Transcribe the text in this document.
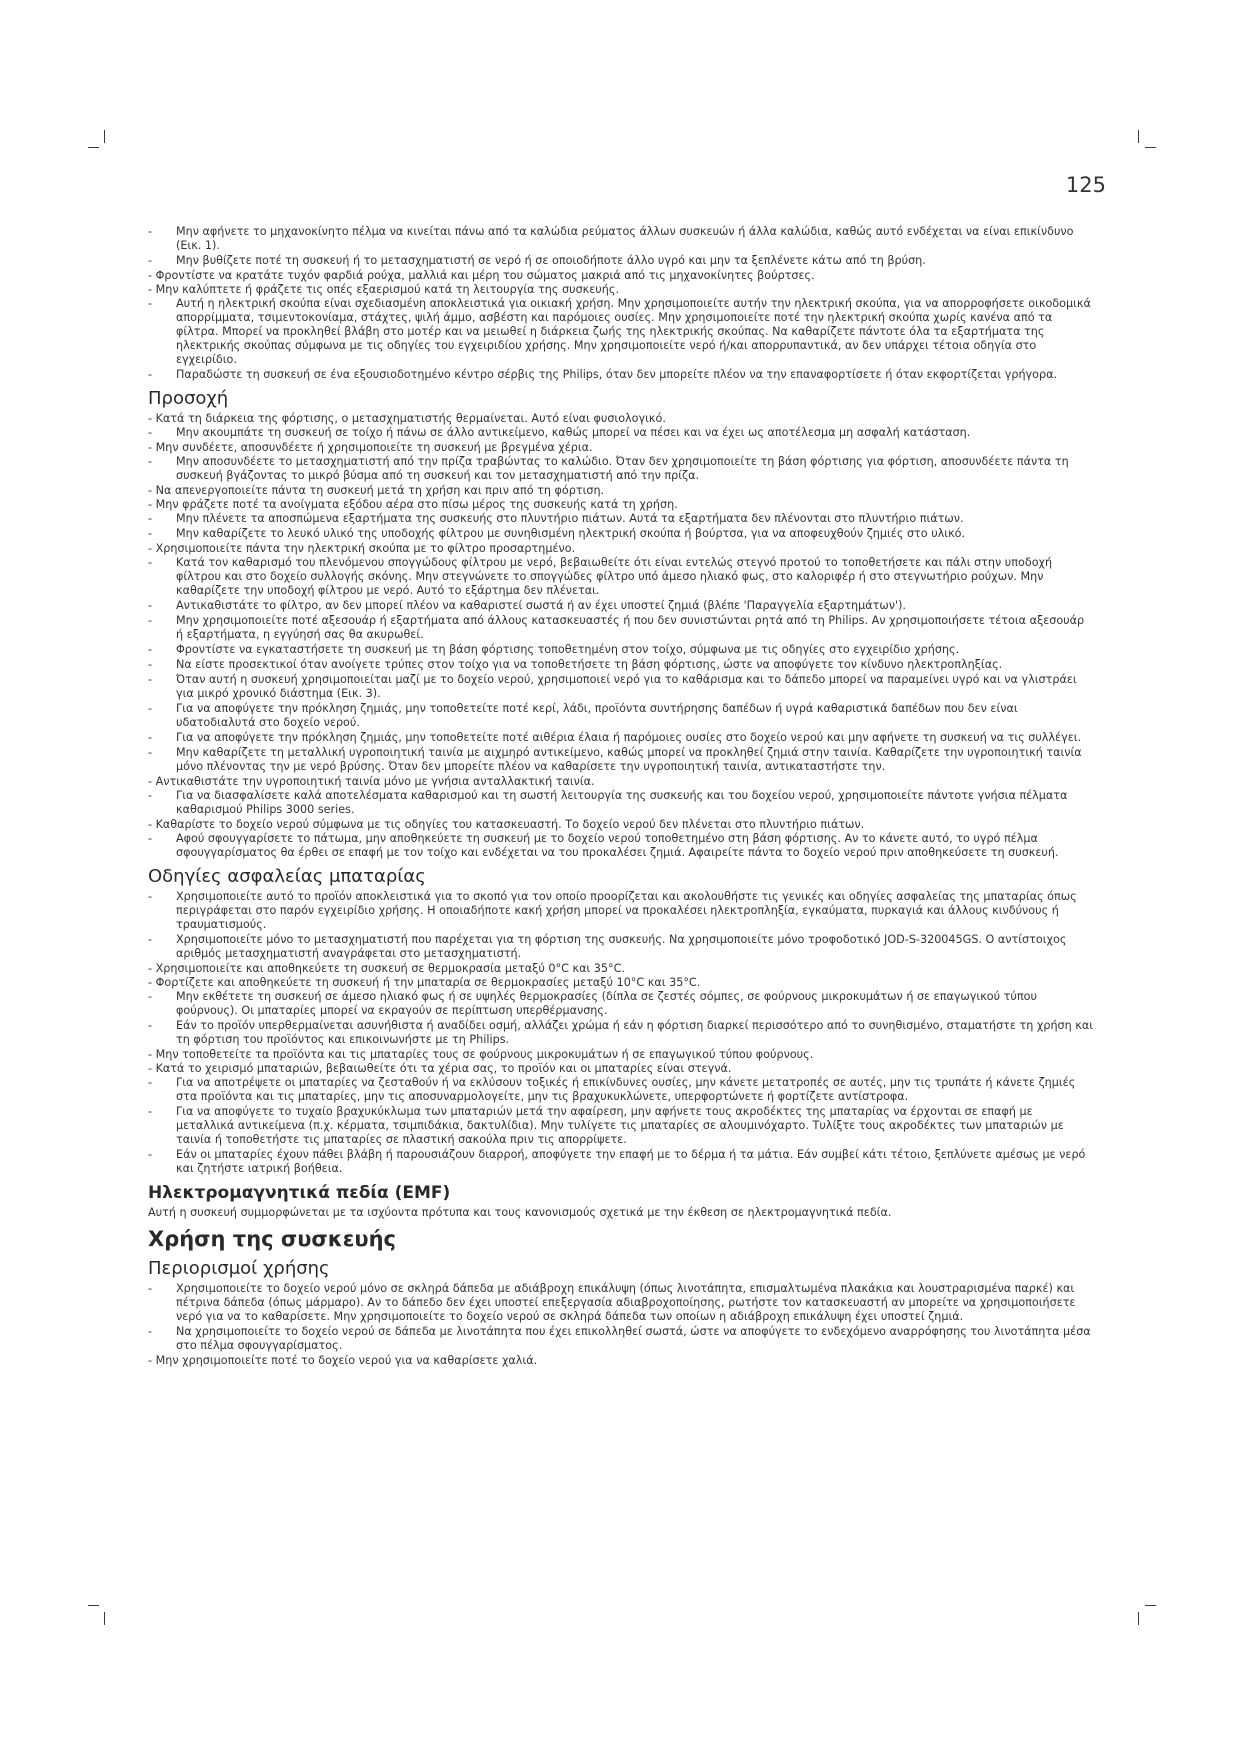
125
-	Μην αφήνετε το μηχανοκίνητο πέλμα να κινείται πάνω από τα καλώδια ρεύματος άλλων συσκευών ή άλλα καλώδια, καθώς αυτό ενδέχεται να είναι επικίνδυνο (Εικ. 1).
-	Μην βυθίζετε ποτέ τη συσκευή ή το μετασχηματιστή σε νερό ή σε οποιοδήποτε άλλο υγρό και μην τα ξεπλένετε κάτω από τη βρύση.
- Φροντίστε να κρατάτε τυχόν φαρδιά ρούχα, μαλλιά και μέρη του σώματος μακριά από τις μηχανοκίνητες βούρτσες.
- Μην καλύπτετε ή φράζετε τις οπές εξαερισμού κατά τη λειτουργία της συσκευής.
-	Αυτή η ηλεκτρική σκούπα είναι σχεδιασμένη αποκλειστικά για οικιακή χρήση. Μην χρησιμοποιείτε αυτήν την ηλεκτρική σκούπα, για να απορροφήσετε οικοδομικά απορρίμματα, τσιμεντοκονίαμα, στάχτες, ψιλή άμμο, ασβέστη και παρόμοιες ουσίες. Μην χρησιμοποιείτε ποτέ την ηλεκτρική σκούπα χωρίς κανένα από τα φίλτρα. Μπορεί να προκληθεί βλάβη στο μοτέρ και να μειωθεί η διάρκεια ζωής της ηλεκτρικής σκούπας. Να καθαρίζετε πάντοτε όλα τα εξαρτήματα της ηλεκτρικής σκούπας σύμφωνα με τις οδηγίες του εγχειριδίου χρήσης. Μην χρησιμοποιείτε νερό ή/και απορρυπαντικά, αν δεν υπάρχει τέτοια οδηγία στο εγχειρίδιο.
-	Παραδώστε τη συσκευή σε ένα εξουσιοδοτημένο κέντρο σέρβις της Philips, όταν δεν μπορείτε πλέον να την επαναφορτίσετε ή όταν εκφορτίζεται γρήγορα.
Προσοχή
- Κατά τη διάρκεια της φόρτισης, ο μετασχηματιστής θερμαίνεται. Αυτό είναι φυσιολογικό.
-	Μην ακουμπάτε τη συσκευή σε τοίχο ή πάνω σε άλλο αντικείμενο, καθώς μπορεί να πέσει και να έχει ως αποτέλεσμα μη ασφαλή κατάσταση.
- Μην συνδέετε, αποσυνδέετε ή χρησιμοποιείτε τη συσκευή με βρεγμένα χέρια.
-	Μην αποσυνδέετε το μετασχηματιστή από την πρίζα τραβώντας το καλώδιο. Όταν δεν χρησιμοποιείτε τη βάση φόρτισης για φόρτιση, αποσυνδέετε πάντα τη συσκευή βγάζοντας το μικρό βύσμα από τη συσκευή και τον μετασχηματιστή από την πρίζα.
- Να απενεργοποιείτε πάντα τη συσκευή μετά τη χρήση και πριν από τη φόρτιση.
- Μην φράζετε ποτέ τα ανοίγματα εξόδου αέρα στο πίσω μέρος της συσκευής κατά τη χρήση.
-	Μην πλένετε τα αποσπώμενα εξαρτήματα της συσκευής στο πλυντήριο πιάτων. Αυτά τα εξαρτήματα δεν πλένονται στο πλυντήριο πιάτων.
-	Μην καθαρίζετε το λευκό υλικό της υποδοχής φίλτρου με συνηθισμένη ηλεκτρική σκούπα ή βούρτσα, για να αποφευχθούν ζημιές στο υλικό.
- Χρησιμοποιείτε πάντα την ηλεκτρική σκούπα με το φίλτρο προσαρτημένο.
-	Κατά τον καθαρισμό του πλενόμενου σπογγώδους φίλτρου με νερό, βεβαιωθείτε ότι είναι εντελώς στεγνό προτού το τοποθετήσετε και πάλι στην υποδοχή φίλτρου και στο δοχείο συλλογής σκόνης. Μην στεγνώνετε το σπογγώδες φίλτρο υπό άμεσο ηλιακό φως, στο καλοριφέρ ή στο στεγνωτήριο ρούχων. Μην καθαρίζετε την υποδοχή φίλτρου με νερό. Αυτό το εξάρτημα δεν πλένεται.
-	Αντικαθιστάτε το φίλτρο, αν δεν μπορεί πλέον να καθαριστεί σωστά ή αν έχει υποστεί ζημιά (βλέπε 'Παραγγελία εξαρτημάτων').
-	Μην χρησιμοποιείτε ποτέ αξεσουάρ ή εξαρτήματα από άλλους κατασκευαστές ή που δεν συνιστώνται ρητά από τη Philips. Αν χρησιμοποιήσετε τέτοια αξεσουάρ ή εξαρτήματα, η εγγύησή σας θα ακυρωθεί.
-	Φροντίστε να εγκαταστήσετε τη συσκευή με τη βάση φόρτισης τοποθετημένη στον τοίχο, σύμφωνα με τις οδηγίες στο εγχειρίδιο χρήσης.
-	Να είστε προσεκτικοί όταν ανοίγετε τρύπες στον τοίχο για να τοποθετήσετε τη βάση φόρτισης, ώστε να αποφύγετε τον κίνδυνο ηλεκτροπληξίας.
-	Όταν αυτή η συσκευή χρησιμοποιείται μαζί με το δοχείο νερού, χρησιμοποιεί νερό για το καθάρισμα και το δάπεδο μπορεί να παραμείνει υγρό και να γλιστράει για μικρό χρονικό διάστημα (Εικ. 3).
-	Για να αποφύγετε την πρόκληση ζημιάς, μην τοποθετείτε ποτέ κερί, λάδι, προϊόντα συντήρησης δαπέδων ή υγρά καθαριστικά δαπέδων που δεν είναι υδατοδιαλυτά στο δοχείο νερού.
-	Για να αποφύγετε την πρόκληση ζημιάς, μην τοποθετείτε ποτέ αιθέρια έλαια ή παρόμοιες ουσίες στο δοχείο νερού και μην αφήνετε τη συσκευή να τις συλλέγει.
-	Μην καθαρίζετε τη μεταλλική υγροποιητική ταινία με αιχμηρό αντικείμενο, καθώς μπορεί να προκληθεί ζημιά στην ταινία. Καθαρίζετε την υγροποιητική ταινία μόνο πλένοντας την με νερό βρύσης. Όταν δεν μπορείτε πλέον να καθαρίσετε την υγροποιητική ταινία, αντικαταστήστε την.
- Αντικαθιστάτε την υγροποιητική ταινία μόνο με γνήσια ανταλλακτική ταινία.
-	Για να διασφαλίσετε καλά αποτελέσματα καθαρισμού και τη σωστή λειτουργία της συσκευής και του δοχείου νερού, χρησιμοποιείτε πάντοτε γνήσια πέλματα καθαρισμού Philips 3000 series.
- Καθαρίστε το δοχείο νερού σύμφωνα με τις οδηγίες του κατασκευαστή. Το δοχείο νερού δεν πλένεται στο πλυντήριο πιάτων.
-	Αφού σφουγγαρίσετε το πάτωμα, μην αποθηκεύετε τη συσκευή με το δοχείο νερού τοποθετημένο στη βάση φόρτισης. Αν το κάνετε αυτό, το υγρό πέλμα σφουγγαρίσματος θα έρθει σε επαφή με τον τοίχο και ενδέχεται να του προκαλέσει ζημιά. Αφαιρείτε πάντα το δοχείο νερού πριν αποθηκεύσετε τη συσκευή.
Οδηγίες ασφαλείας μπαταρίας
-	Χρησιμοποιείτε αυτό το προϊόν αποκλειστικά για το σκοπό για τον οποίο προορίζεται και ακολουθήστε τις γενικές και οδηγίες ασφαλείας της μπαταρίας όπως περιγράφεται στο παρόν εγχειρίδιο χρήσης. Η οποιαδήποτε κακή χρήση μπορεί να προκαλέσει ηλεκτροπληξία, εγκαύματα, πυρκαγιά και άλλους κινδύνους ή τραυματισμούς.
-	Χρησιμοποιείτε μόνο το μετασχηματιστή που παρέχεται για τη φόρτιση της συσκευής. Να χρησιμοποιείτε μόνο τροφοδοτικό JOD-S-320045GS. Ο αντίστοιχος αριθμός μετασχηματιστή αναγράφεται στο μετασχηματιστή.
- Χρησιμοποιείτε και αποθηκεύετε τη συσκευή σε θερμοκρασία μεταξύ 0°C και 35°C.
- Φορτίζετε και αποθηκεύετε τη συσκευή ή την μπαταρία σε θερμοκρασίες μεταξύ 10°C και 35°C.
-	Μην εκθέτετε τη συσκευή σε άμεσο ηλιακό φως ή σε υψηλές θερμοκρασίες (δίπλα σε ζεστές σόμπες, σε φούρνους μικροκυμάτων ή σε επαγωγικού τύπου φούρνους). Οι μπαταρίες μπορεί να εκραγούν σε περίπτωση υπερθέρμανσης.
-	Εάν το προϊόν υπερθερμαίνεται ασυνήθιστα ή αναδίδει οσμή, αλλάζει χρώμα ή εάν η φόρτιση διαρκεί περισσότερο από το συνηθισμένο, σταματήστε τη χρήση και τη φόρτιση του προϊόντος και επικοινωνήστε με τη Philips.
- Μην τοποθετείτε τα προϊόντα και τις μπαταρίες τους σε φούρνους μικροκυμάτων ή σε επαγωγικού τύπου φούρνους.
- Κατά το χειρισμό μπαταριών, βεβαιωθείτε ότι τα χέρια σας, το προϊόν και οι μπαταρίες είναι στεγνά.
-	Για να αποτρέψετε οι μπαταρίες να ζεσταθούν ή να εκλύσουν τοξικές ή επικίνδυνες ουσίες, μην κάνετε μετατροπές σε αυτές, μην τις τρυπάτε ή κάνετε ζημιές στα προϊόντα και τις μπαταρίες, μην τις αποσυναρμολογείτε, μην τις βραχυκυκλώνετε, υπερφορτώνετε ή φορτίζετε αντίστροφα.
-	Για να αποφύγετε το τυχαίο βραχυκύκλωμα των μπαταριών μετά την αφαίρεση, μην αφήνετε τους ακροδέκτες της μπαταρίας να έρχονται σε επαφή με μεταλλικά αντικείμενα (π.χ. κέρματα, τσιμπιδάκια, δακτυλίδια). Μην τυλίγετε τις μπαταρίες σε αλουμινόχαρτο. Τυλίξτε τους ακροδέκτες των μπαταριών με ταινία ή τοποθετήστε τις μπαταρίες σε πλαστική σακούλα πριν τις απορρίψετε.
-	Εάν οι μπαταρίες έχουν πάθει βλάβη ή παρουσιάζουν διαρροή, αποφύγετε την επαφή με το δέρμα ή τα μάτια. Εάν συμβεί κάτι τέτοιο, ξεπλύνετε αμέσως με νερό και ζητήστε ιατρική βοήθεια.
Ηλεκτρομαγνητικά πεδία (EMF)

Αυτή η συσκευή συμμορφώνεται με τα ισχύοντα πρότυπα και τους κανονισμούς σχετικά με την έκθεση σε ηλεκτρομαγνητικά πεδία.

Χρήση της συσκευής
Περιορισμοί χρήσης
-	Χρησιμοποιείτε το δοχείο νερού μόνο σε σκληρά δάπεδα με αδιάβροχη επικάλυψη (όπως λινοτάπητα, επισμαλτωμένα πλακάκια και λουστραρισμένα παρκέ) και πέτρινα δάπεδα (όπως μάρμαρο). Αν το δάπεδο δεν έχει υποστεί επεξεργασία αδιαβροχοποίησης, ρωτήστε τον κατασκευαστή αν μπορείτε να χρησιμοποιήσετε νερό για να το καθαρίσετε. Μην χρησιμοποιείτε το δοχείο νερού σε σκληρά δάπεδα των οποίων η αδιάβροχη επικάλυψη έχει υποστεί ζημιά.
-	Να χρησιμοποιείτε το δοχείο νερού σε δάπεδα με λινοτάπητα που έχει επικολληθεί σωστά, ώστε να αποφύγετε το ενδεχόμενο αναρρόφησης του λινοτάπητα μέσα στο πέλμα σφουγγαρίσματος.
- Μην χρησιμοποιείτε ποτέ το δοχείο νερού για να καθαρίσετε χαλιά.
